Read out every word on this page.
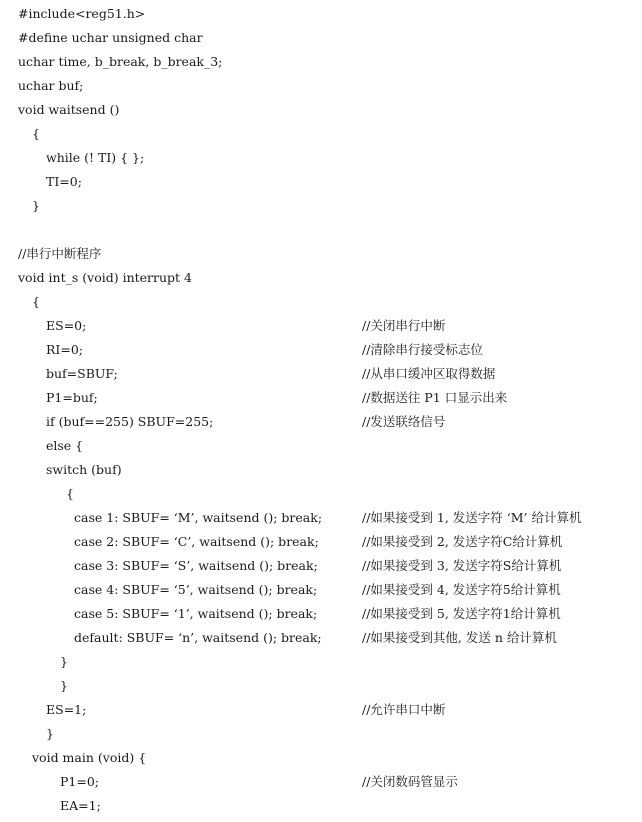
#include<reg51.h>
#define uchar unsigned char
uchar time, b_break, b_break_3;
uchar buf;
void waitsend ()
{
while (! TI) { };
TI=0;
}
//串行中断程序
void int_s (void) interrupt 4
{
ES=0;	//关闭串行中断
RI=0;	//清除串行接受标志位
buf=SBUF;	//从串口缓冲区取得数据
P1=buf;	//数据送往 P1 口显示出来
if (buf==255) SBUF=255;	//发送联络信号
else {
switch (buf)
{
case 1: SBUF= ‘M’, waitsend (); break;	//如果接受到 1, 发送字符 ‘M’ 给计算机
case 2: SBUF= ‘C’, waitsend (); break;	//如果接受到 2, 发送字符C给计算机
case 3: SBUF= ‘S’, waitsend (); break;	//如果接受到 3, 发送字符S给计算机
case 4: SBUF= ‘5’, waitsend (); break;	//如果接受到 4, 发送字符5给计算机
case 5: SBUF= ‘1’, waitsend (); break;	//如果接受到 5, 发送字符1给计算机
default: SBUF= ‘n’, waitsend (); break;	//如果接受到其他, 发送 n 给计算机
}
}
ES=1;	//允许串口中断
}
void main (void) {
P1=0;	//关闭数码管显示
EA=1;
